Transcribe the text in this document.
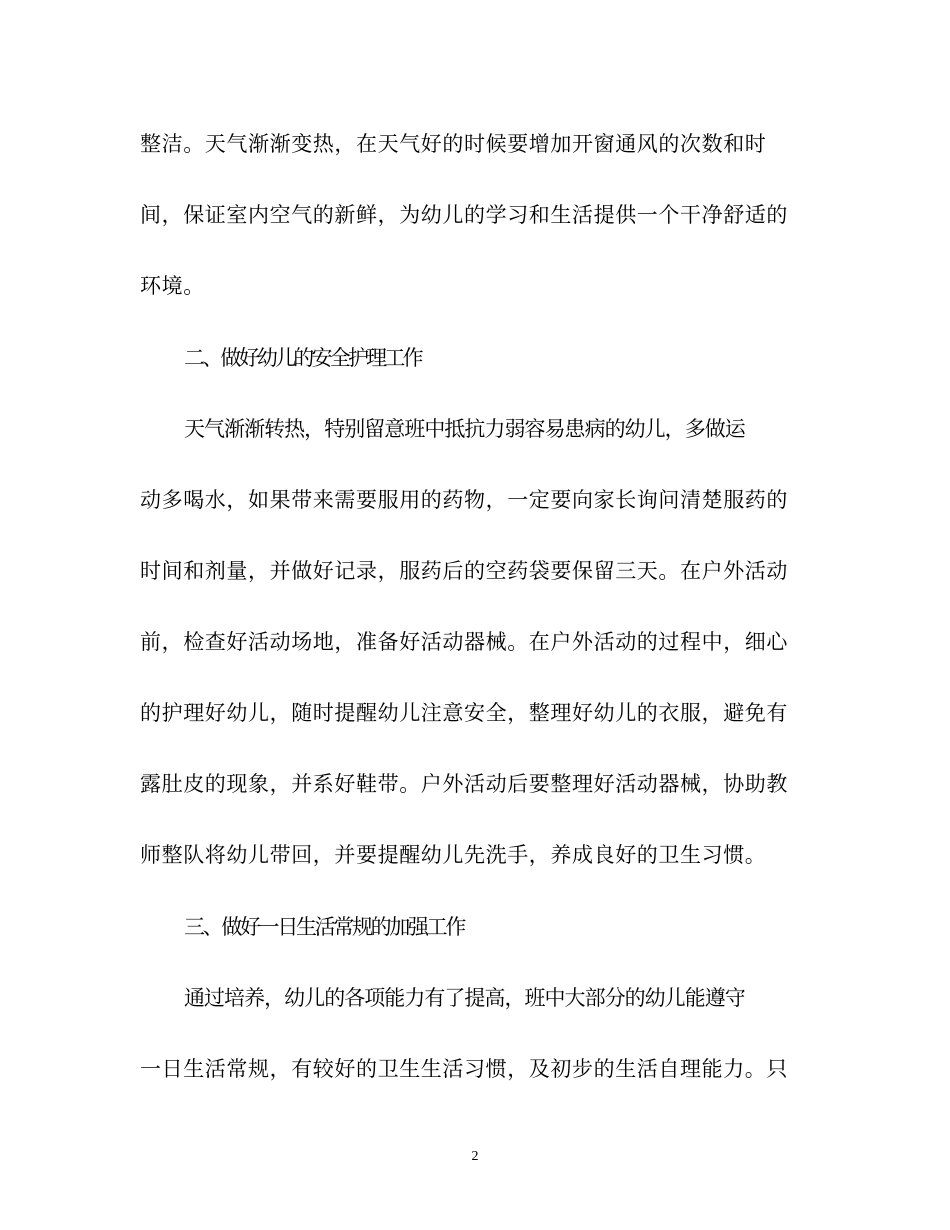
整洁。天气渐渐变热，在天气好的时候要增加开窗通风的次数和时
间，保证室内空气的新鲜，为幼儿的学习和生活提供一个干净舒适的
环境。
二、做好幼儿的安全护理工作
天气渐渐转热，特别留意班中抵抗力弱容易患病的幼儿，多做运
动多喝水，如果带来需要服用的药物，一定要向家长询问清楚服药的
时间和剂量，并做好记录，服药后的空药袋要保留三天。在户外活动
前，检查好活动场地，准备好活动器械。在户外活动的过程中，细心
的护理好幼儿，随时提醒幼儿注意安全，整理好幼儿的衣服，避免有
露肚皮的现象，并系好鞋带。户外活动后要整理好活动器械，协助教
师整队将幼儿带回，并要提醒幼儿先洗手，养成良好的卫生习惯。
三、做好一日生活常规的加强工作
通过培养，幼儿的各项能力有了提高，班中大部分的幼儿能遵守
一日生活常规，有较好的卫生生活习惯，及初步的生活自理能力。只
2
